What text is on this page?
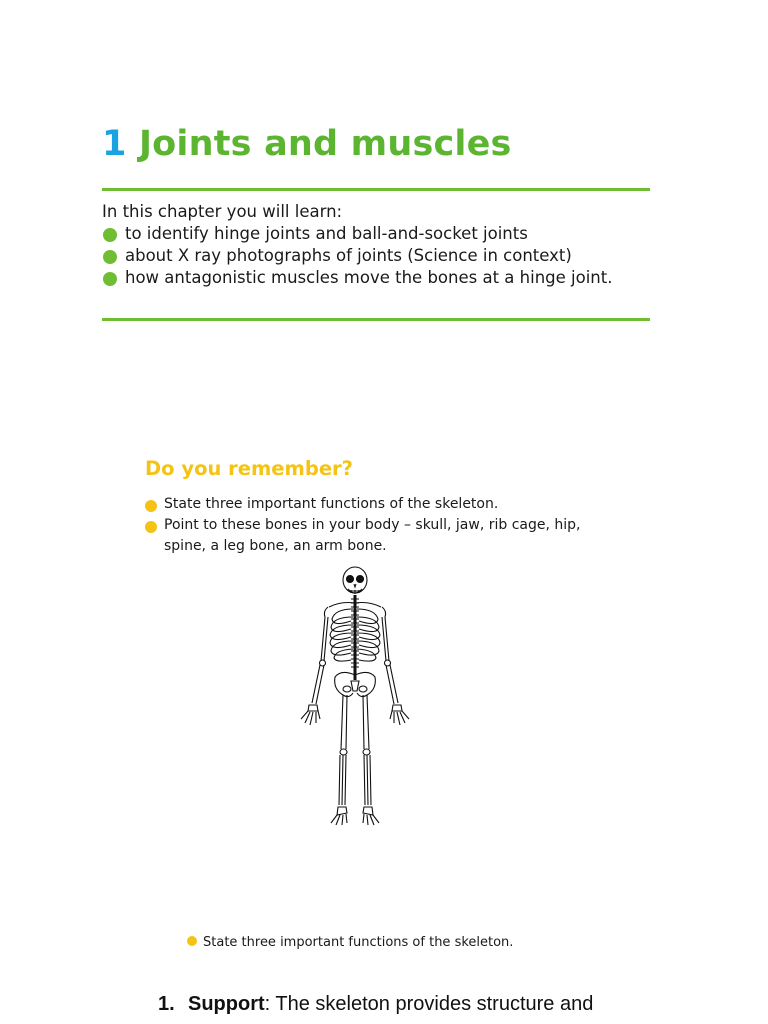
1 Joints and muscles
In this chapter you will learn:
to identify hinge joints and ball-and-socket joints
about X ray photographs of joints (Science in context)
how antagonistic muscles move the bones at a hinge joint.
Do you remember?
State three important functions of the skeleton.
Point to these bones in your body – skull, jaw, rib cage, hip, spine, a leg bone, an arm bone.
State three important functions of the skeleton.
1. Support: The skeleton provides structure and
